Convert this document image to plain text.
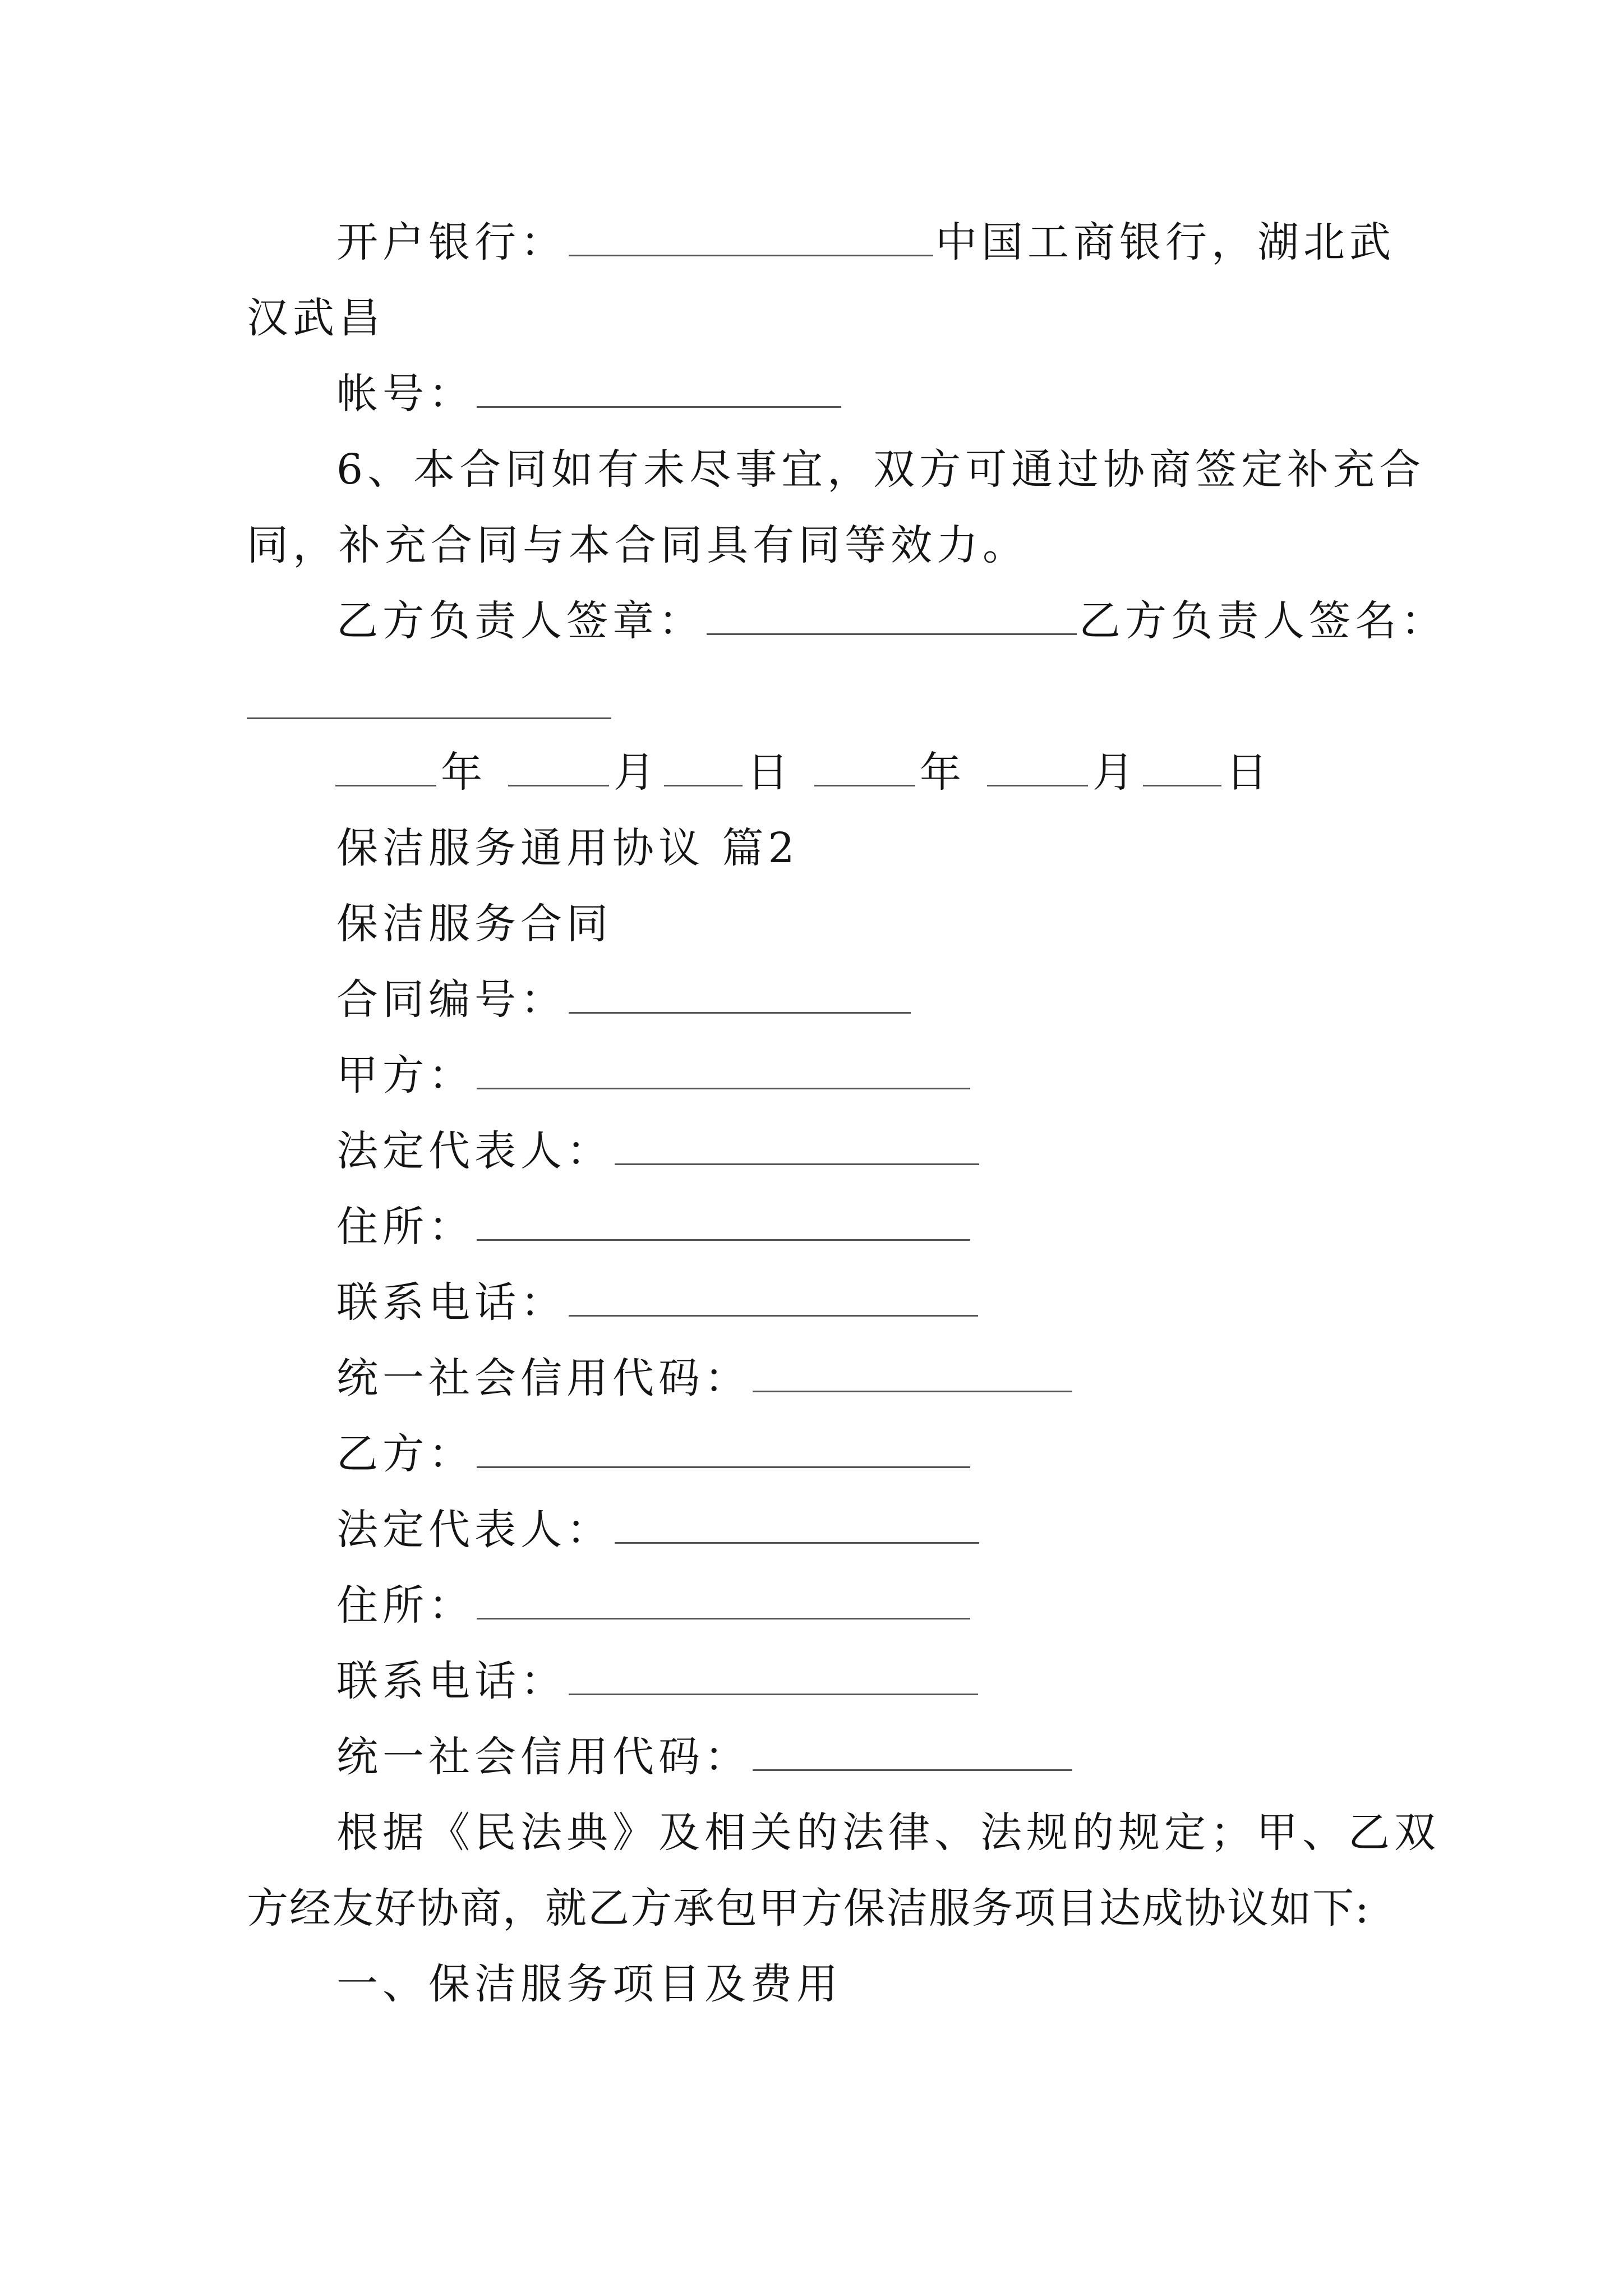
开户银行：	中国工商银行，湖北武
汉武昌
帐号：
6、本合同如有未尽事宜，双方可通过协商签定补充合
同，补充合同与本合同具有同等效力。
乙方负责人签章：	乙方负责人签名：
年	月 日	年	月 日
保洁服务通用协议 篇2
保洁服务合同
合同编号：
甲方：
法定代表人：
住所：
联系电话：
统一社会信用代码：
乙方：
法定代表人：
住所：
联系电话：
统一社会信用代码：
根据《民法典》及相关的法律、法规的规定；甲、乙双
方经友好协商，就乙方承包甲方保洁服务项目达成协议如下:
一、保洁服务项目及费用
